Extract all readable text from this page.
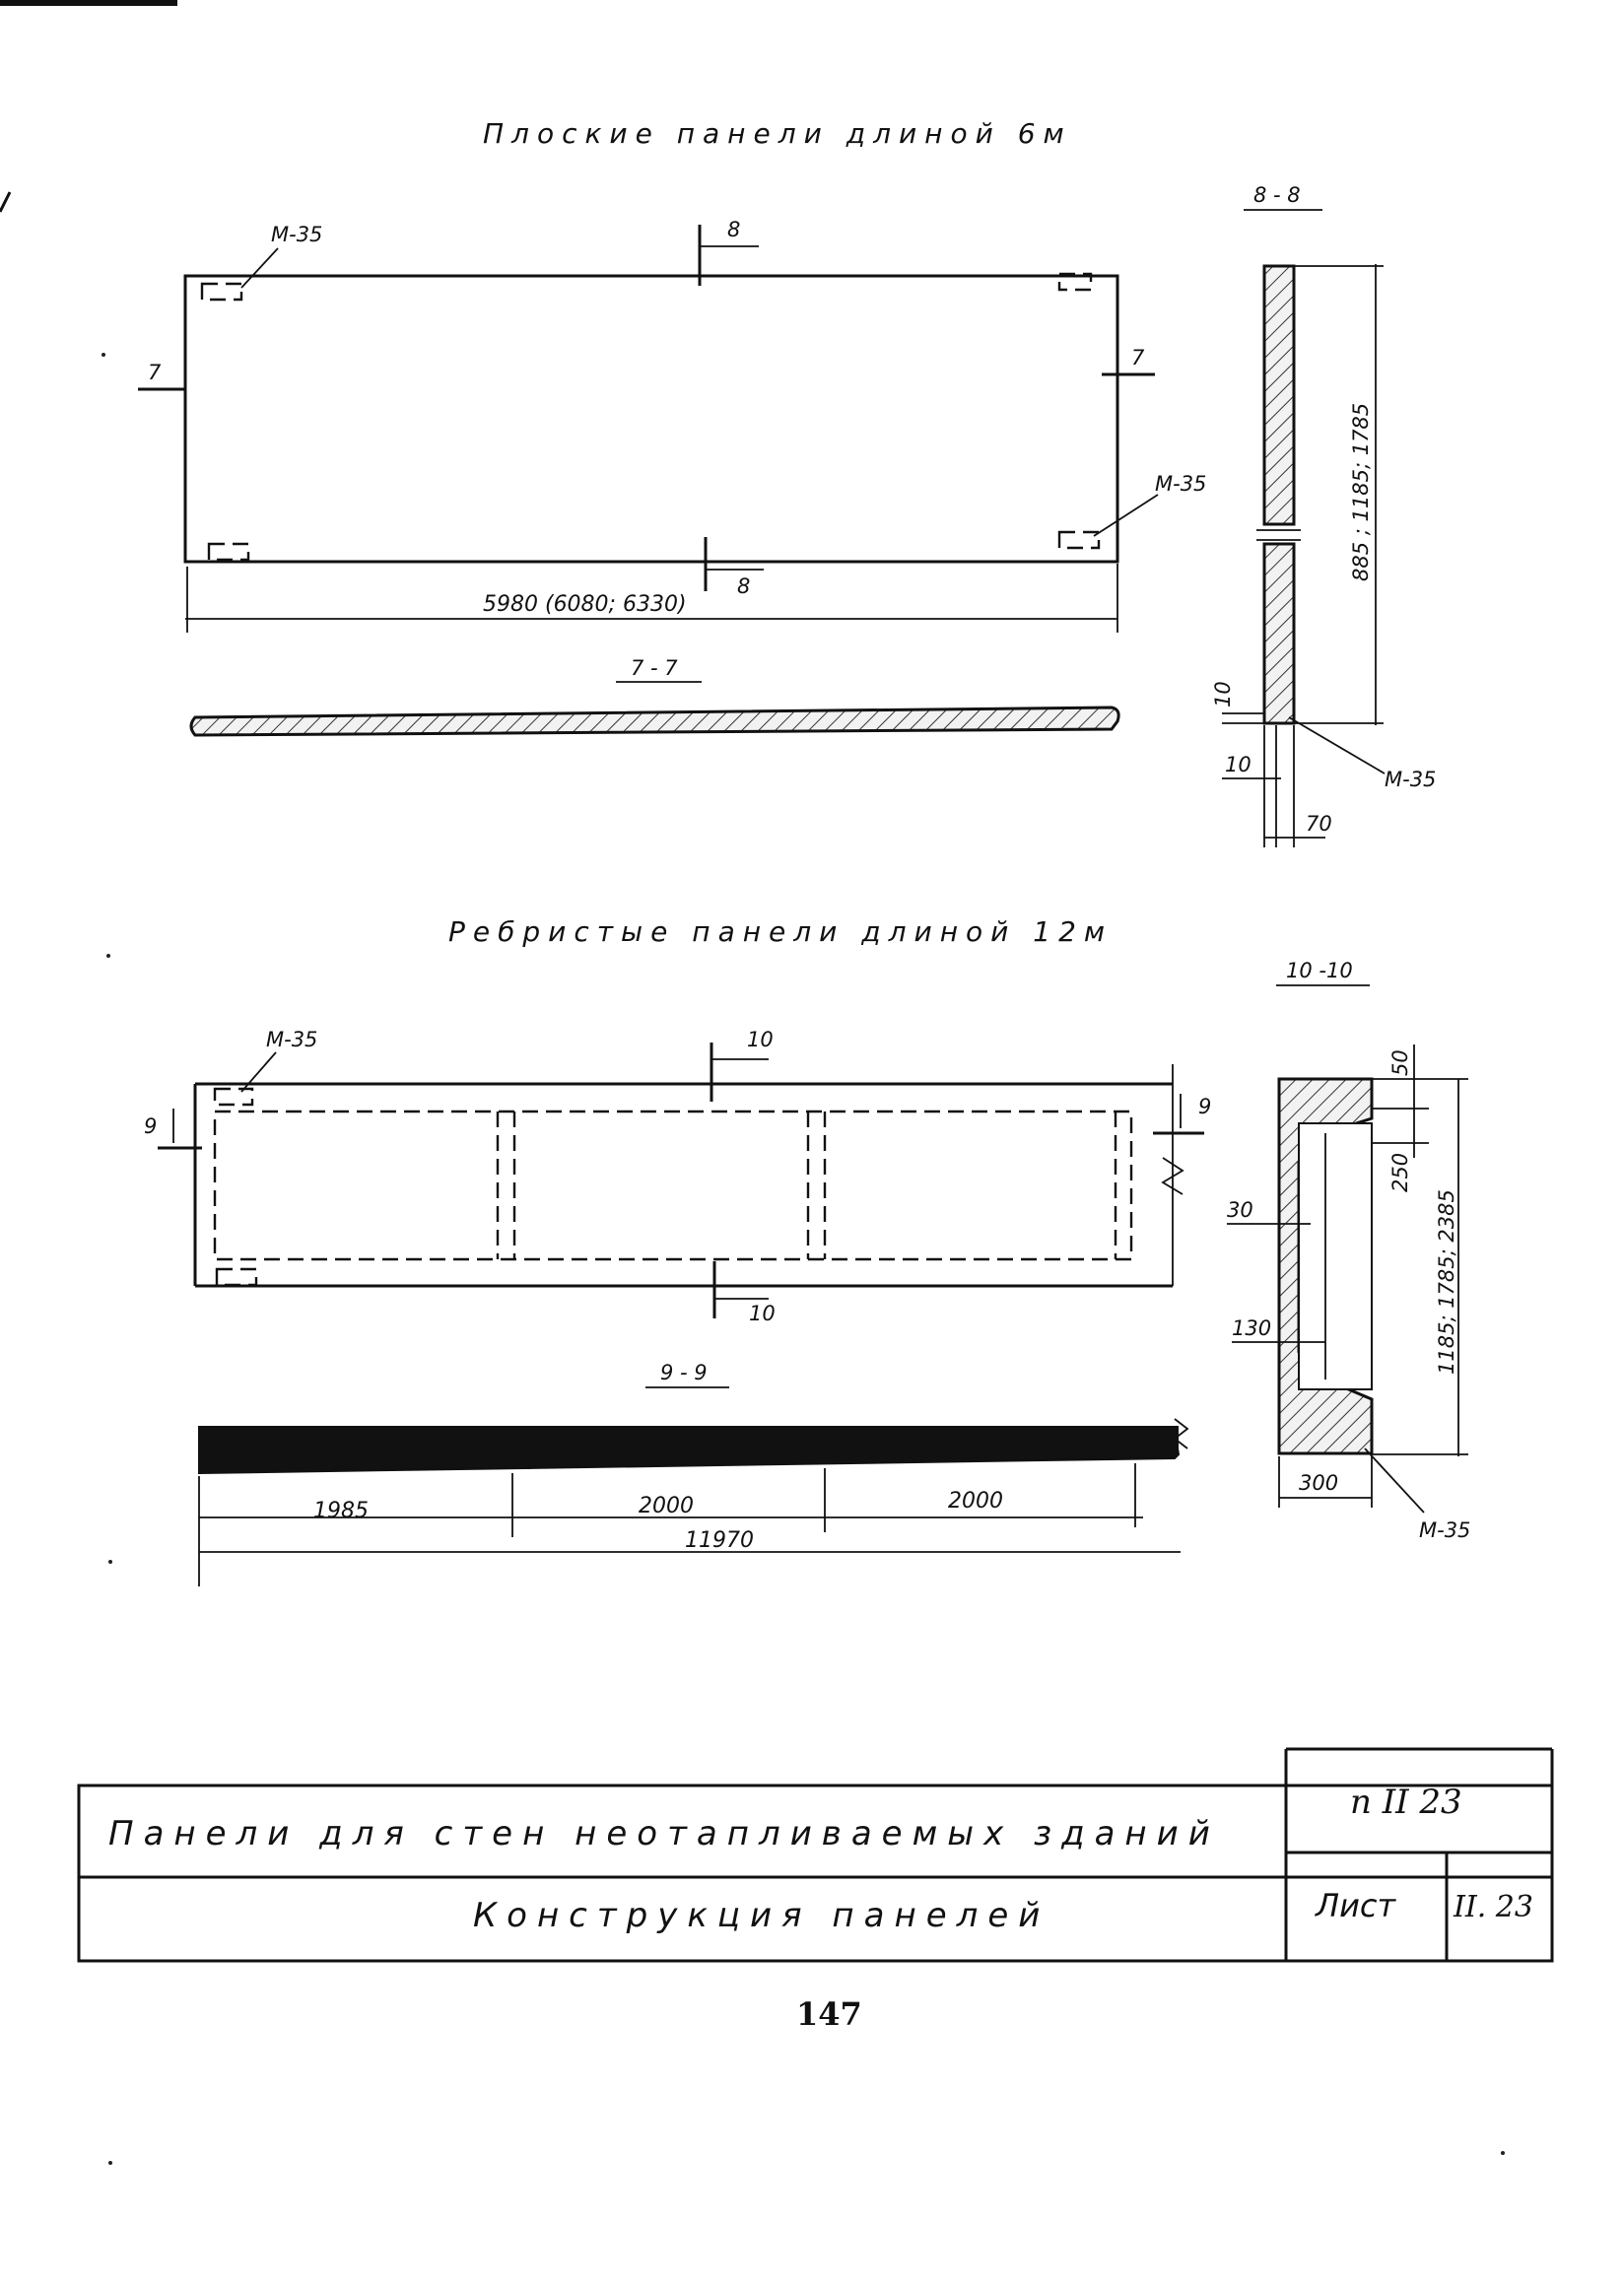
Плоские панели длиной 6м
М-35
М-35
7
7
8
8
5980 (6080; 6330)
7 - 7
8 - 8
885 ; 1185; 1785
10
10
70
М-35
Ребристые панели длиной 12м
М-35
9
9
10
10
9 - 9
1985	2000	2000
11970
10 -10
50
250
1185; 1785; 2385
30
130
300
М-35
Панели для стен неотапливаемых зданий
Конструкция панелей
п II 23
Лист II. 23
147
